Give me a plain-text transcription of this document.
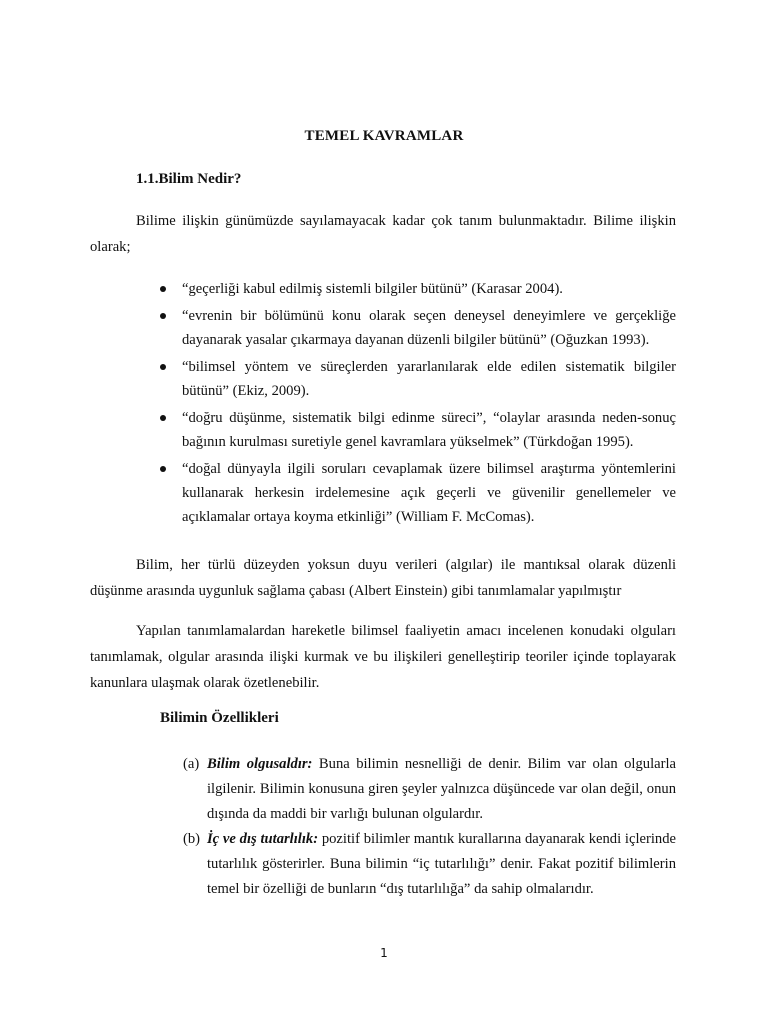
TEMEL KAVRAMLAR
1.1.Bilim Nedir?

Bilime ilişkin günümüzde sayılamayacak kadar çok tanım bulunmaktadır. Bilime ilişkin olarak;

“geçerliği kabul edilmiş sistemli bilgiler bütünü” (Karasar 2004).
“evrenin bir bölümünü konu olarak seçen deneysel deneyimlere ve gerçekliğe dayanarak yasalar çıkarmaya dayanan düzenli bilgiler bütünü” (Oğuzkan 1993).
“bilimsel yöntem ve süreçlerden yararlanılarak elde edilen sistematik bilgiler bütünü” (Ekiz, 2009).
“doğru düşünme, sistematik bilgi edinme süreci”, “olaylar arasında neden-sonuç bağının kurulması suretiyle genel kavramlara yükselmek” (Türkdoğan 1995).
“doğal dünyayla ilgili soruları cevaplamak üzere bilimsel araştırma yöntemlerini kullanarak herkesin irdelemesine açık geçerli ve güvenilir genellemeler ve açıklamalar ortaya koyma etkinliği” (William F. McComas).

Bilim, her türlü düzeyden yoksun duyu verileri (algılar) ile mantıksal olarak düzenli düşünme arasında uygunluk sağlama çabası (Albert Einstein) gibi tanımlamalar yapılmıştır

Yapılan tanımlamalardan hareketle bilimsel faaliyetin amacı incelenen konudaki olguları tanımlamak, olgular arasında ilişki kurmak ve bu ilişkileri genelleştirip teoriler içinde toplayarak kanunlara ulaşmak olarak özetlenebilir.

Bilimin Özellikleri
(a) Bilim olgusaldır: Buna bilimin nesnelliği de denir. Bilim var olan olgularla ilgilenir. Bilimin konusuna giren şeyler yalnızca düşüncede var olan değil, onun dışında da maddi bir varlığı bulunan olgulardır.
(b) İç ve dış tutarlılık: pozitif bilimler mantık kurallarına dayanarak kendi içlerinde tutarlılık gösterirler. Buna bilimin “iç tutarlılığı” denir. Fakat pozitif bilimlerin temel bir özelliği de bunların “dış tutarlılığa” da sahip olmalarıdır.
1
